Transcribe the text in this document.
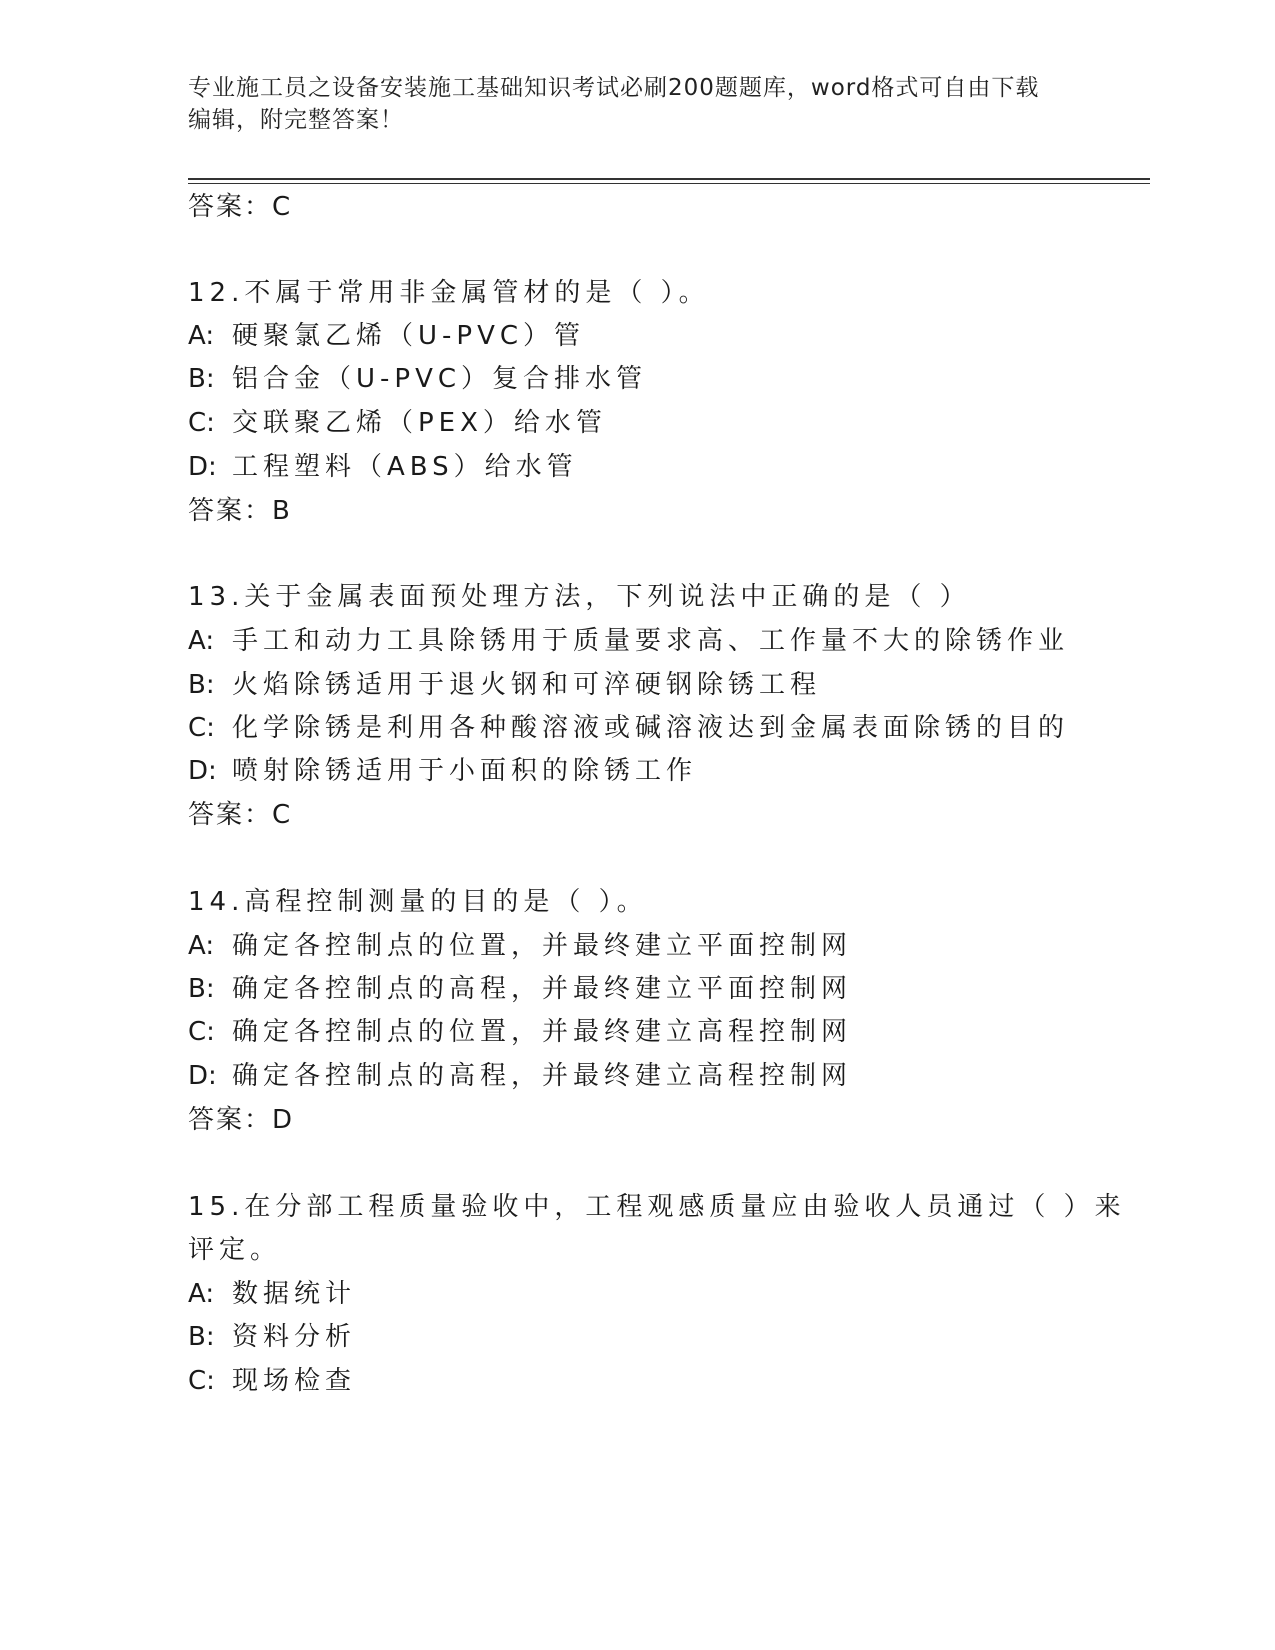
专业施工员之设备安装施工基础知识考试必刷200题题库，word格式可自由下载
编辑，附完整答案！
答案：C
12.不属于常用非金属管材的是（ ）。
A: 硬聚氯乙烯（U-PVC）管
B: 铝合金（U-PVC）复合排水管
C: 交联聚乙烯（PEX）给水管
D: 工程塑料（ABS）给水管
答案：B
13.关于金属表面预处理方法，下列说法中正确的是（ ）
A: 手工和动力工具除锈用于质量要求高、工作量不大的除锈作业
B: 火焰除锈适用于退火钢和可淬硬钢除锈工程
C: 化学除锈是利用各种酸溶液或碱溶液达到金属表面除锈的目的
D: 喷射除锈适用于小面积的除锈工作
答案：C
14.高程控制测量的目的是（ ）。
A: 确定各控制点的位置，并最终建立平面控制网
B: 确定各控制点的高程，并最终建立平面控制网
C: 确定各控制点的位置，并最终建立高程控制网
D: 确定各控制点的高程，并最终建立高程控制网
答案：D
15.在分部工程质量验收中，工程观感质量应由验收人员通过（ ）来
评定。
A: 数据统计
B: 资料分析
C: 现场检查
